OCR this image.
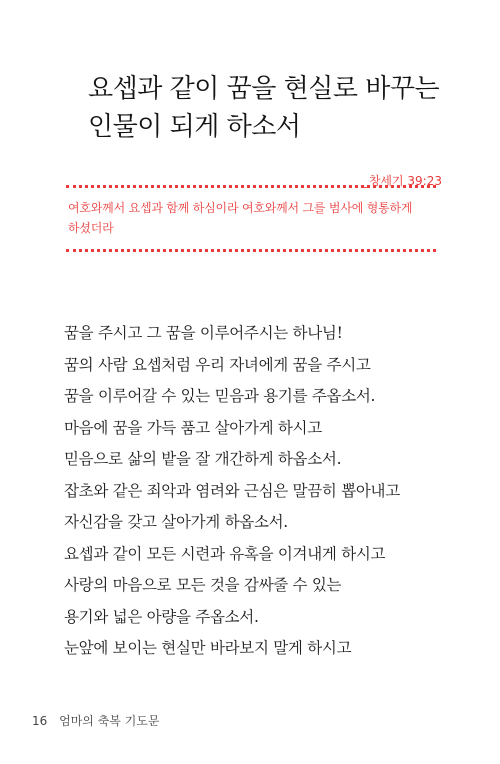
요셉과 같이 꿈을 현실로 바꾸는
인물이 되게 하소서
_창세기 39:23
여호와께서 요셉과 함께 하심이라 여호와께서 그를 범사에 형통하게
하셨더라
꿈을 주시고 그 꿈을 이루어주시는 하나님!
꿈의 사람 요셉처럼 우리 자녀에게 꿈을 주시고
꿈을 이루어갈 수 있는 믿음과 용기를 주옵소서.
마음에 꿈을 가득 품고 살아가게 하시고
믿음으로 삶의 밭을 잘 개간하게 하옵소서.
잡초와 같은 죄악과 염려와 근심은 말끔히 뽑아내고
자신감을 갖고 살아가게 하옵소서.
요셉과 같이 모든 시련과 유혹을 이겨내게 하시고
사랑의 마음으로 모든 것을 감싸줄 수 있는
용기와 넓은 아량을 주옵소서.
눈앞에 보이는 현실만 바라보지 말게 하시고
16 엄마의 축복 기도문
